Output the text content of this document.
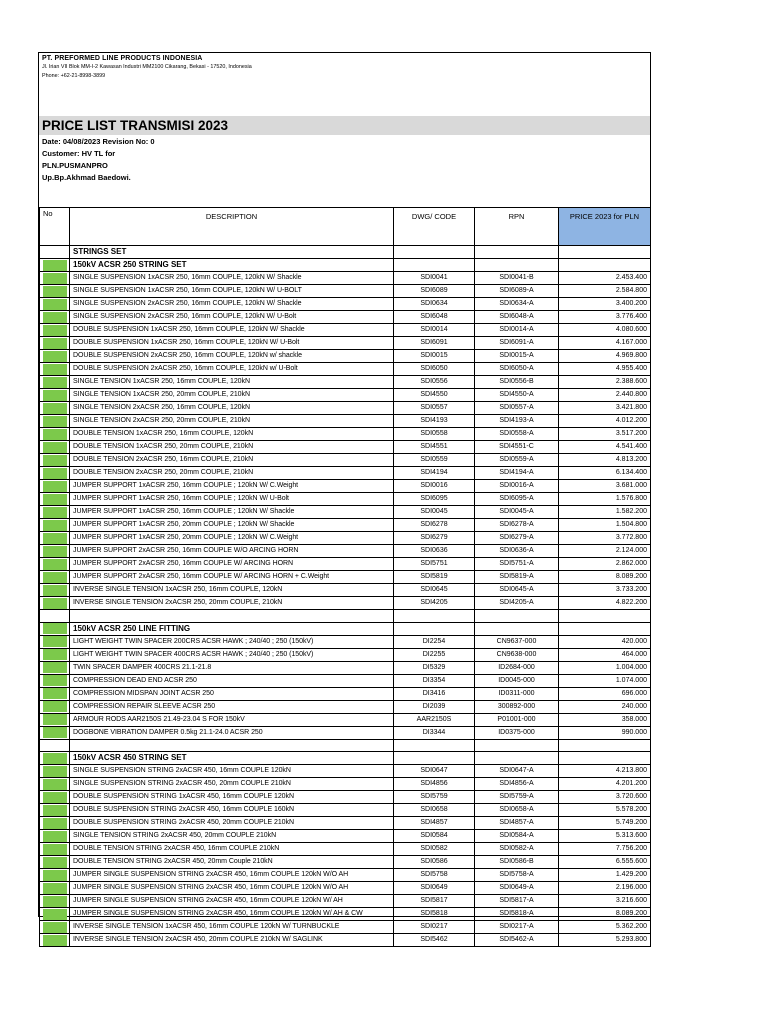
PT. PREFORMED LINE PRODUCTS INDONESIA
Jl. Irian VII Blok MM-I-2 Kawasan Industri MM2100 Cikarang, Bekasi - 17520, Indonesia
Phone: +62-21-8998-3899
PRICE LIST TRANSMISI 2023
Date: 04/08/2023 Revision No: 0
Customer: HV TL for
PLN.PUSMANPRO
Up.Bp.Akhmad Baedowi.
No	DESCRIPTION	DWG/ CODE	RPN	PRICE 2023 for PLN
	STRINGS SET			

	150kV ACSR 250 STRING SET			

	SINGLE SUSPENSION 1xACSR 250, 16mm COUPLE, 120kN W/ Shackle	SDI0041	SDI0041-B	2.453.400

	SINGLE SUSPENSION 1xACSR 250, 16mm COUPLE, 120kN W/ U-BOLT	SDI6089	SDI6089-A	2.584.800

	SINGLE SUSPENSION 2xACSR 250, 16mm COUPLE, 120kN W/ Shackle	SDI0634	SDI0634-A	3.400.200

	SINGLE SUSPENSION 2xACSR 250, 16mm COUPLE, 120kN W/ U-Bolt	SDI6048	SDI6048-A	3.776.400

	DOUBLE SUSPENSION 1xACSR 250, 16mm COUPLE, 120kN W/ Shackle	SDI0014	SDI0014-A	4.080.600

	DOUBLE SUSPENSION 1xACSR 250, 16mm COUPLE, 120kN W/ U-Bolt	SDI6091	SDI6091-A	4.167.000

	DOUBLE SUSPENSION 2xACSR 250, 16mm COUPLE, 120kN w/ shackle	SDI0015	SDI0015-A	4.969.800

	DOUBLE SUSPENSION 2xACSR 250, 16mm COUPLE, 120kN w/ U-Bolt	SDI6050	SDI6050-A	4.955.400

	SINGLE TENSION 1xACSR 250, 16mm COUPLE, 120kN	SDI0556	SDI0556-B	2.388.600

	SINGLE TENSION 1xACSR 250, 20mm COUPLE, 210kN	SDI4550	SDI4550-A	2.440.800

	SINGLE TENSION 2xACSR 250, 16mm COUPLE, 120kN	SDI0557	SDI0557-A	3.421.800

	SINGLE TENSION 2xACSR 250, 20mm COUPLE, 210kN	SDI4193	SDI4193-A	4.012.200

	DOUBLE TENSION 1xACSR 250, 16mm COUPLE, 120kN	SDI0558	SDI0558-A	3.517.200

	DOUBLE TENSION 1xACSR 250, 20mm COUPLE, 210kN	SDI4551	SDI4551-C	4.541.400

	DOUBLE TENSION 2xACSR 250, 16mm COUPLE, 210kN	SDI0559	SDI0559-A	4.813.200

	DOUBLE TENSION 2xACSR 250, 20mm COUPLE, 210kN	SDI4194	SDI4194-A	6.134.400

	JUMPER SUPPORT 1xACSR 250, 16mm COUPLE ; 120kN W/ C.Weight	SDI0016	SDI0016-A	3.681.000

	JUMPER SUPPORT 1xACSR 250, 16mm COUPLE ; 120kN W/ U-Bolt	SDI6095	SDI6095-A	1.576.800

	JUMPER SUPPORT 1xACSR 250, 16mm COUPLE ; 120kN W/ Shackle	SDI0045	SDI0045-A	1.582.200

	JUMPER SUPPORT 1xACSR 250, 20mm COUPLE ; 120kN W/ Shackle	SDI6278	SDI6278-A	1.504.800

	JUMPER SUPPORT 1xACSR 250, 20mm COUPLE ; 120kN W/ C.Weight	SDI6279	SDI6279-A	3.772.800

	JUMPER SUPPORT 2xACSR 250, 16mm COUPLE W/O ARCING HORN	SDI0636	SDI0636-A	2.124.000

	JUMPER SUPPORT 2xACSR 250, 16mm COUPLE W/ ARCING HORN	SDI5751	SDI5751-A	2.862.000

	JUMPER SUPPORT 2xACSR 250, 16mm COUPLE W/ ARCING HORN + C.Weight	SDI5819	SDI5819-A	8.089.200

	INVERSE SINGLE TENSION 1xACSR 250, 16mm COUPLE, 120kN	SDI0645	SDI0645-A	3.733.200

	INVERSE SINGLE TENSION 2xACSR 250, 20mm COUPLE, 210kN	SDI4205	SDI4205-A	4.822.200

	150kV ACSR 250 LINE FITTING			

	LIGHT WEIGHT TWIN SPACER 200CRS ACSR HAWK ; 240/40 ; 250 (150kV)	DI2254	CN9637-000	420.000

	LIGHT WEIGHT TWIN SPACER 400CRS ACSR HAWK ; 240/40 ; 250 (150kV)	DI2255	CN9638-000	464.000

	TWIN SPACER DAMPER 400CRS 21.1-21.8	DI5329	ID2684-000	1.004.000

	COMPRESSION DEAD END ACSR 250	DI3354	ID0045-000	1.074.000

	COMPRESSION MIDSPAN JOINT ACSR 250	DI3416	ID0311-000	696.000

	COMPRESSION REPAIR SLEEVE ACSR 250	DI2039	300892-000	240.000

	ARMOUR RODS AAR2150S 21.49-23.04 S FOR 150kV	AAR2150S	P01001-000	358.000

	DOGBONE VIBRATION DAMPER 0.5kg 21.1-24.0 ACSR 250	DI3344	ID0375-000	990.000

	150kV ACSR 450 STRING SET			

	SINGLE SUSPENSION STRING 2xACSR 450, 16mm COUPLE 120kN	SDI0647	SDI0647-A	4.213.800

	SINGLE SUSPENSION STRING 2xACSR 450, 20mm COUPLE 210kN	SDI4856	SDI4856-A	4.201.200

	DOUBLE SUSPENSION STRING 1xACSR 450, 16mm COUPLE 120kN	SDI5759	SDI5759-A	3.720.600

	DOUBLE SUSPENSION STRING 2xACSR 450, 16mm COUPLE 160kN	SDI0658	SDI0658-A	5.578.200

	DOUBLE SUSPENSION STRING 2xACSR 450, 20mm COUPLE 210kN	SDI4857	SDI4857-A	5.749.200

	SINGLE TENSION STRING 2xACSR 450, 20mm COUPLE 210kN	SDI0584	SDI0584-A	5.313.600

	DOUBLE TENSION STRING 2xACSR 450, 16mm COUPLE 210kN	SDI0582	SDI0582-A	7.756.200

	DOUBLE TENSION STRING 2xACSR 450, 20mm Couple 210kN	SDI0586	SDI0586-B	6.555.600

	JUMPER SINGLE SUSPENSION STRING 2xACSR 450, 16mm COUPLE 120kN W/O AH	SDI5758	SDI5758-A	1.429.200

	JUMPER SINGLE SUSPENSION STRING 2xACSR 450, 16mm COUPLE 120kN W/O AH	SDI0649	SDI0649-A	2.196.000

	JUMPER SINGLE SUSPENSION STRING 2xACSR 450, 16mm COUPLE 120kN W/ AH	SDI5817	SDI5817-A	3.216.600

	JUMPER SINGLE SUSPENSION STRING 2xACSR 450, 16mm COUPLE 120kN W/ AH & CW	SDI5818	SDI5818-A	8.089.200

	INVERSE SINGLE TENSION 1xACSR 450, 16mm COUPLE 120kN W/ TURNBUCKLE	SDI0217	SDI0217-A	5.362.200

	INVERSE SINGLE TENSION 2xACSR 450, 20mm COUPLE 210kN W/ SAGLINK	SDI5462	SDI5462-A	5.293.800
